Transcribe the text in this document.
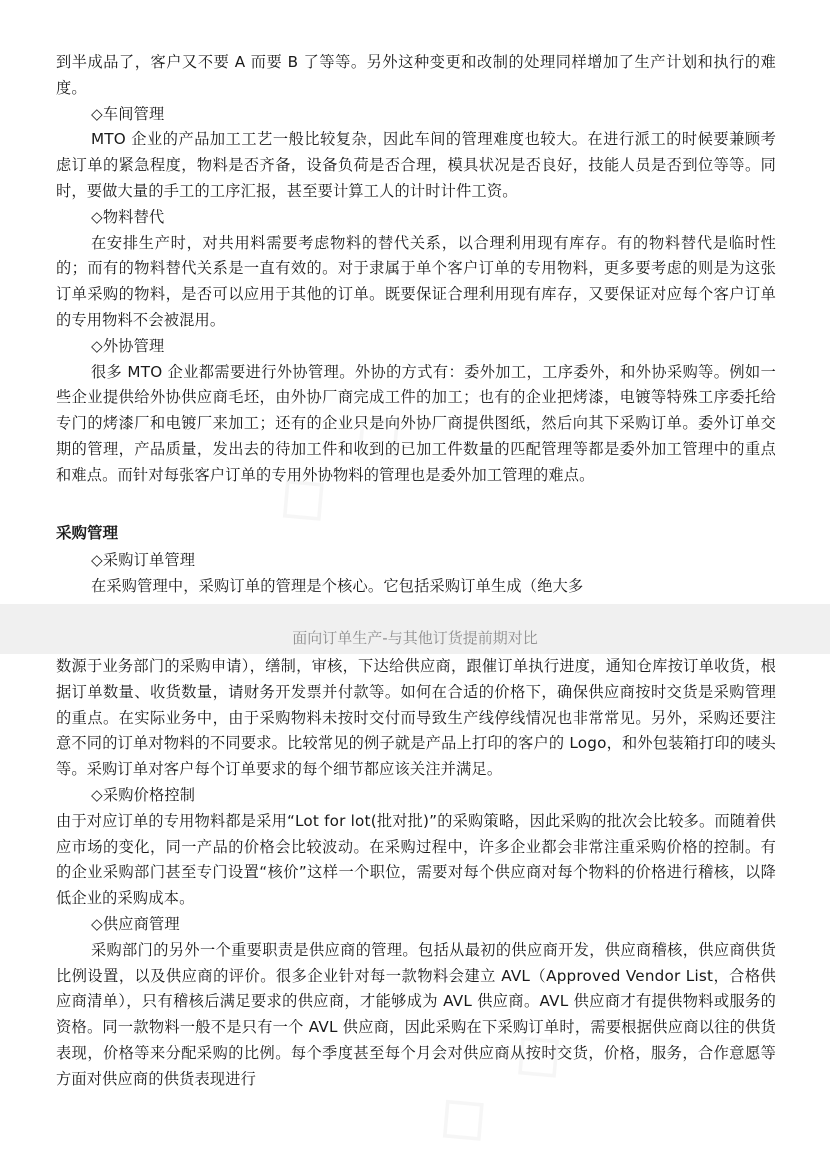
到半成品了，客户又不要 A 而要 B 了等等。另外这种变更和改制的处理同样增加了生产计划和执行的难度。

◇车间管理

MTO 企业的产品加工工艺一般比较复杂，因此车间的管理难度也较大。在进行派工的时候要兼顾考虑订单的紧急程度，物料是否齐备，设备负荷是否合理，模具状况是否良好，技能人员是否到位等等。同时，要做大量的手工的工序汇报，甚至要计算工人的计时计件工资。

◇物料替代

在安排生产时，对共用料需要考虑物料的替代关系，以合理利用现有库存。有的物料替代是临时性的；而有的物料替代关系是一直有效的。对于隶属于单个客户订单的专用物料，更多要考虑的则是为这张订单采购的物料，是否可以应用于其他的订单。既要保证合理利用现有库存，又要保证对应每个客户订单的专用物料不会被混用。

◇外协管理

很多 MTO 企业都需要进行外协管理。外协的方式有：委外加工，工序委外，和外协采购等。例如一些企业提供给外协供应商毛坯，由外协厂商完成工件的加工；也有的企业把烤漆，电镀等特殊工序委托给专门的烤漆厂和电镀厂来加工；还有的企业只是向外协厂商提供图纸，然后向其下采购订单。委外订单交期的管理，产品质量，发出去的待加工件和收到的已加工件数量的匹配管理等都是委外加工管理中的重点和难点。而针对每张客户订单的专用外协物料的管理也是委外加工管理的难点。

采购管理

◇采购订单管理

在采购管理中，采购订单的管理是个核心。它包括采购订单生成（绝大多

面向订单生产-与其他订货提前期对比

数源于业务部门的采购申请），缮制，审核，下达给供应商，跟催订单执行进度，通知仓库按订单收货，根据订单数量、收货数量，请财务开发票并付款等。如何在合适的价格下，确保供应商按时交货是采购管理的重点。在实际业务中，由于采购物料未按时交付而导致生产线停线情况也非常常见。另外，采购还要注意不同的订单对物料的不同要求。比较常见的例子就是产品上打印的客户的 Logo，和外包装箱打印的唛头等。采购订单对客户每个订单要求的每个细节都应该关注并满足。

◇采购价格控制

由于对应订单的专用物料都是采用“Lot for lot(批对批)”的采购策略，因此采购的批次会比较多。而随着供应市场的变化，同一产品的价格会比较波动。在采购过程中，许多企业都会非常注重采购价格的控制。有的企业采购部门甚至专门设置“核价”这样一个职位，需要对每个供应商对每个物料的价格进行稽核，以降低企业的采购成本。

◇供应商管理

采购部门的另外一个重要职责是供应商的管理。包括从最初的供应商开发，供应商稽核，供应商供货比例设置，以及供应商的评价。很多企业针对每一款物料会建立 AVL（Approved Vendor List，合格供应商清单），只有稽核后满足要求的供应商，才能够成为 AVL 供应商。AVL 供应商才有提供物料或服务的资格。同一款物料一般不是只有一个 AVL 供应商，因此采购在下采购订单时，需要根据供应商以往的供货表现，价格等来分配采购的比例。每个季度甚至每个月会对供应商从按时交货，价格，服务，合作意愿等方面对供应商的供货表现进行
